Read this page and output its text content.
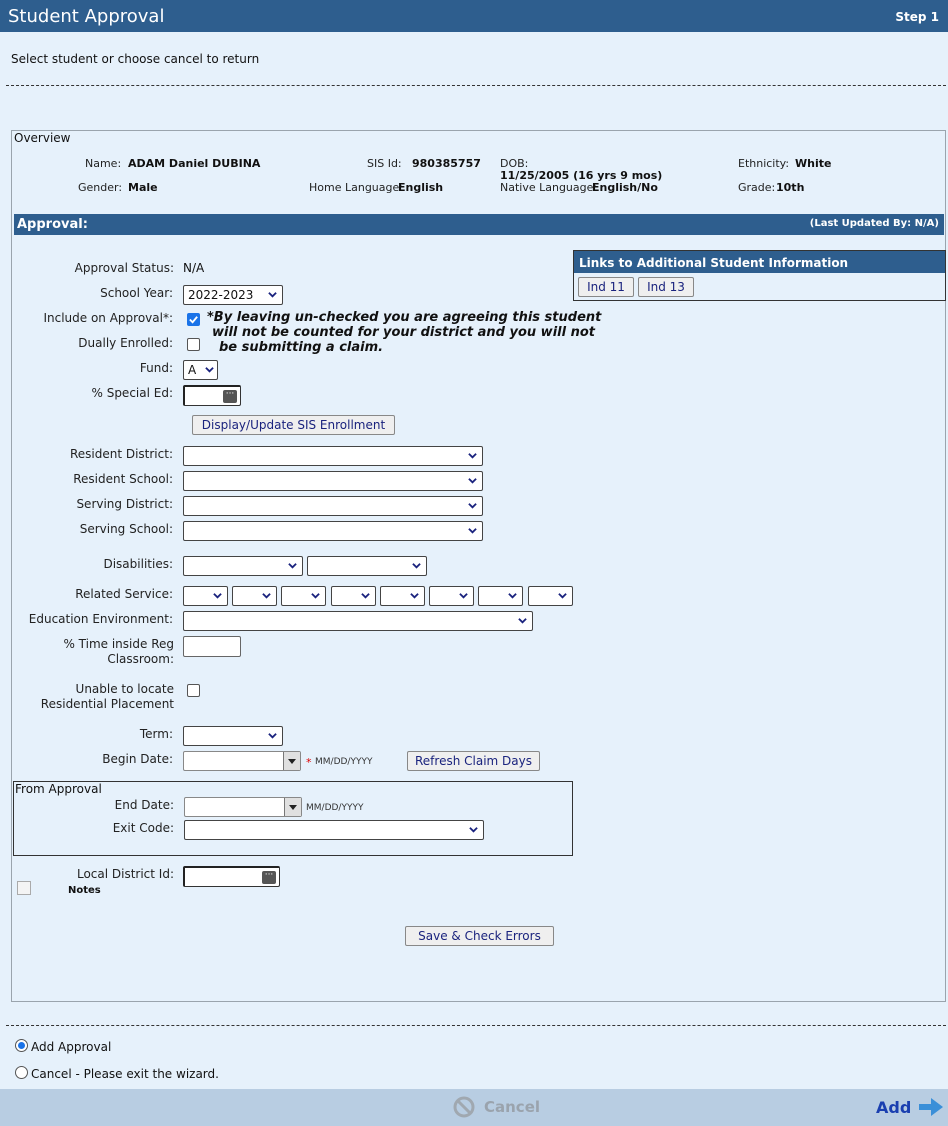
Student Approval	Step 1
Select student or choose cancel to return
Overview
Name: ADAM Daniel DUBINA	SIS Id: 980385757 DOB:
11/25/2005 (16 yrs 9 mos)
Ethnicity: White
Gender: Male	Home Language:
English	Native Language:
English/No	Grade: 10th
Approval:	(Last Updated By: N/A)
Links to Additional Student Information
Ind 11	Ind 13
Approval Status: N/A
School Year:	2022-2023
Include on Approval*:	*By leaving un-checked you are agreeing this student
will not be counted for your district and you will not
be submitting a claim.
Dually Enrolled:
Fund:	A
% Special Ed:	···
Display/Update SIS Enrollment
Resident District:
Resident School:
Serving District:
Serving School:
Disabilities:
Related Service:
Education Environment:
% Time inside Reg
Classroom:
Unable to locate
Residential Placement
Term:
Begin Date:	* MM/DD/YYYY	Refresh Claim Days
From Approval
End Date:	MM/DD/YYYY
Exit Code:
Local District Id:	···
Notes
Save & Check Errors
Add Approval
Cancel - Please exit the wizard.
Cancel	Add
